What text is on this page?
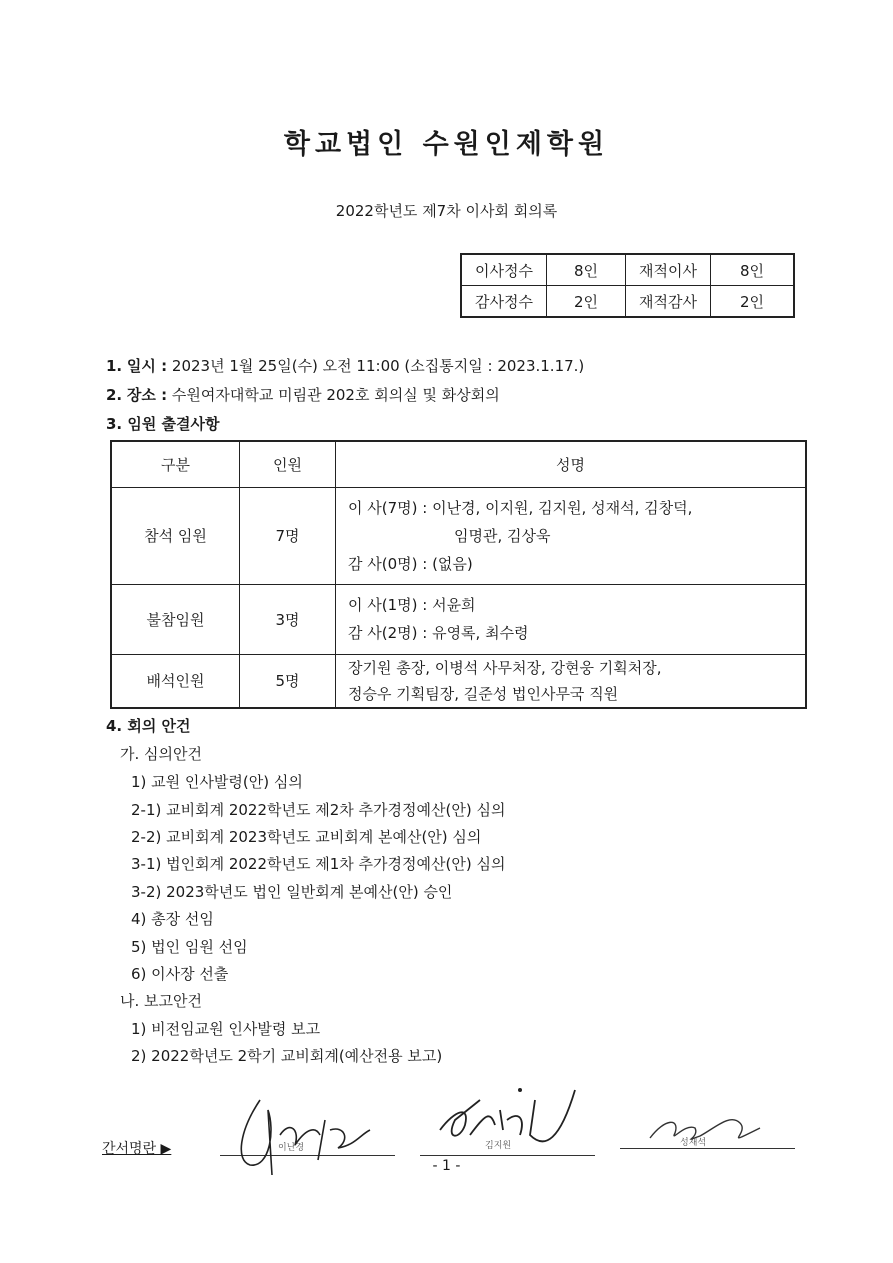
학교법인 수원인제학원
2022학년도 제7차 이사회 회의록
이사정수	8인	재적이사	8인
감사정수	2인	재적감사	2인
1. 일시 : 2023년 1월 25일(수) 오전 11:00 (소집통지일 : 2023.1.17.)
2. 장소 : 수원여자대학교 미림관 202호 회의실 및 화상회의
3. 임원 출결사항
구분	인원	성명
참석 임원	7명	이 사(7명) : 이난경, 이지원, 김지원, 성재석, 김창덕,
임명관, 김상욱
감 사(0명) : (없음)

불참임원	3명	이 사(1명) : 서윤희
감 사(2명) : 유영록, 최수령

배석인원	5명	장기원 총장, 이병석 사무처장, 강현웅 기획처장,
정승우 기획팀장, 길준성 법인사무국 직원
4. 회의 안건
가. 심의안건
1) 교원 인사발령(안) 심의
2-1) 교비회계 2022학년도 제2차 추가경정예산(안) 심의
2-2) 교비회계 2023학년도 교비회계 본예산(안) 심의
3-1) 법인회계 2022학년도 제1차 추가경정예산(안) 심의
3-2) 2023학년도 법인 일반회계 본예산(안) 승인
4) 총장 선임
5) 법인 임원 선임
6) 이사장 선출
나. 보고안건
1) 비전임교원 인사발령 보고
2) 2022학년도 2학기 교비회계(예산전용 보고)
간서명란 ▶	이난경	김지원	성재석
- 1 -
